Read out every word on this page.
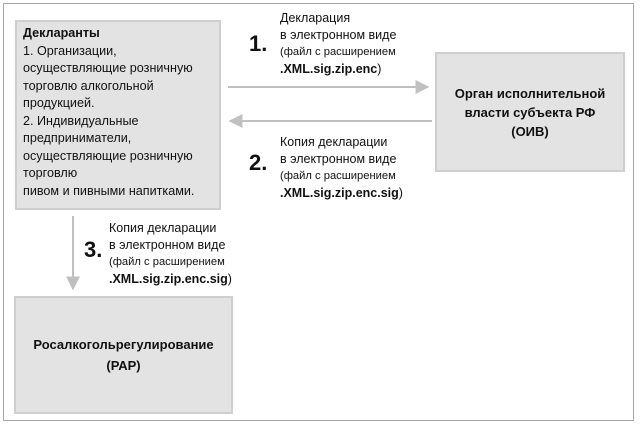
Декларанты
1. Организации,
осуществляющие розничную
торговлю алкогольной
продукцией.
2. Индивидуальные
предприниматели,
осуществляющие розничную
торговлю
пивом и пивными напитками.
Орган исполнительной
власти субъекта РФ
(ОИВ)
Росалкогольрегулирование
(РАР)
1.
Декларация
в электронном виде
(файл с расширением
.XML.sig.zip.enc)
2.
Копия декларации
в электронном виде
(файл с расширением
.XML.sig.zip.enc.sig)
3.
Копия декларации
в электронном виде
(файл с расширением
.XML.sig.zip.enc.sig)
